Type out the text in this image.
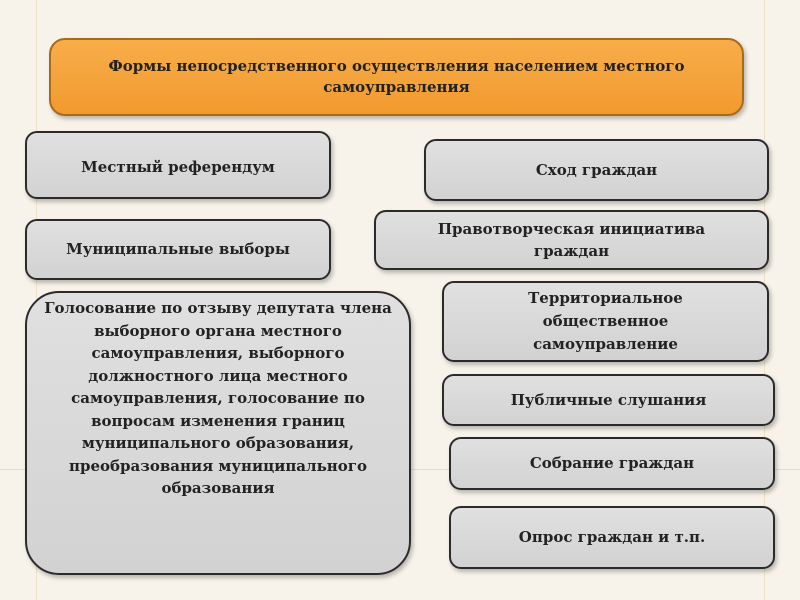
Формы непосредственного осуществления населением местного самоуправления
Местный референдум
Муниципальные выборы
Голосование по отзыву депутата члена выборного органа местного самоуправления, выборного должностного лица местного самоуправления, голосование по вопросам изменения границ муниципального образования, преобразования муниципального образования
Сход граждан
Правотворческая инициатива граждан
Территориальное общественное самоуправление
Публичные слушания
Собрание граждан
Опрос граждан и т.п.
